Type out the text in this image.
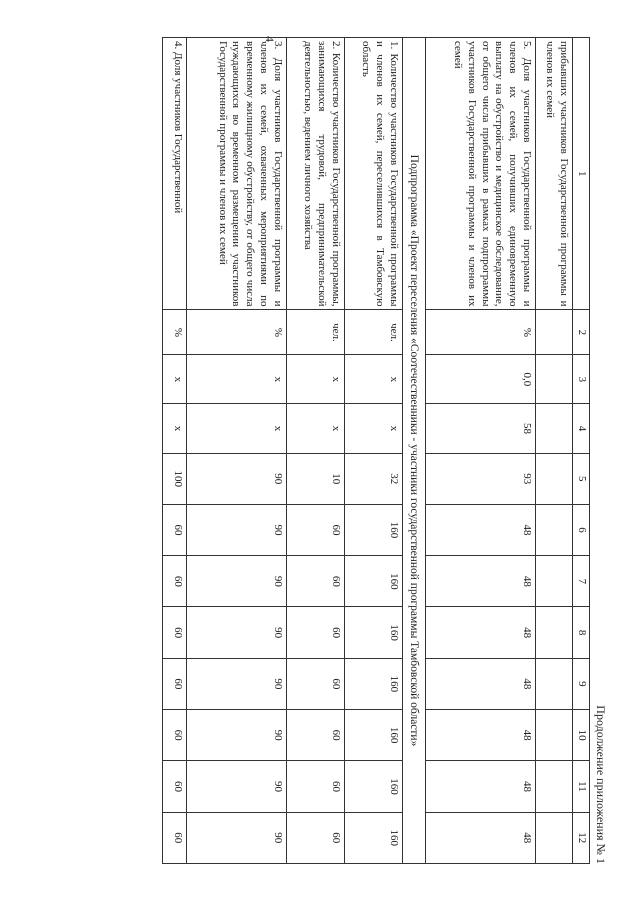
4
Продолжение приложения № 1
1	2	3	4	5	6	7	8	9	10	11	12
прибывших участников Государственной программы и членов их семей											
5. Доля участников Государственной программы и членов их семей, получивших единовременную выплату на обустройство и медицинское обследование, от общего числа прибывших в рамках подпрограммы участников Государственной программы и членов их семей	%	0,0	58	93	48	48	48	48	48	48	48
Подпрограмма «Проект переселения «Соотечественники - участники государственной программы Тамбовской области»											
1. Количество участников Государственной программы и членов их семей, переселившихся в Тамбовскую область	чел.	х	х	32	160	160	160	160	160	160	160
2. Количество участников Государственной программы, занимающихся трудовой, предпринимательской деятельностью, ведением личного хозяйства	чел.	х	х	10	60	60	60	60	60	60	60
3. Доля участников Государственной программы и членов их семей, охваченных мероприятиями по временному жилищному обустройству, от общего числа нуждающихся во временном размещении участников Государственной программы и членов их семей	%	х	х	90	90	90	90	90	90	90	90
4. Доля участников Государственной	%	х	х	100	60	60	60	60	60	60	60
